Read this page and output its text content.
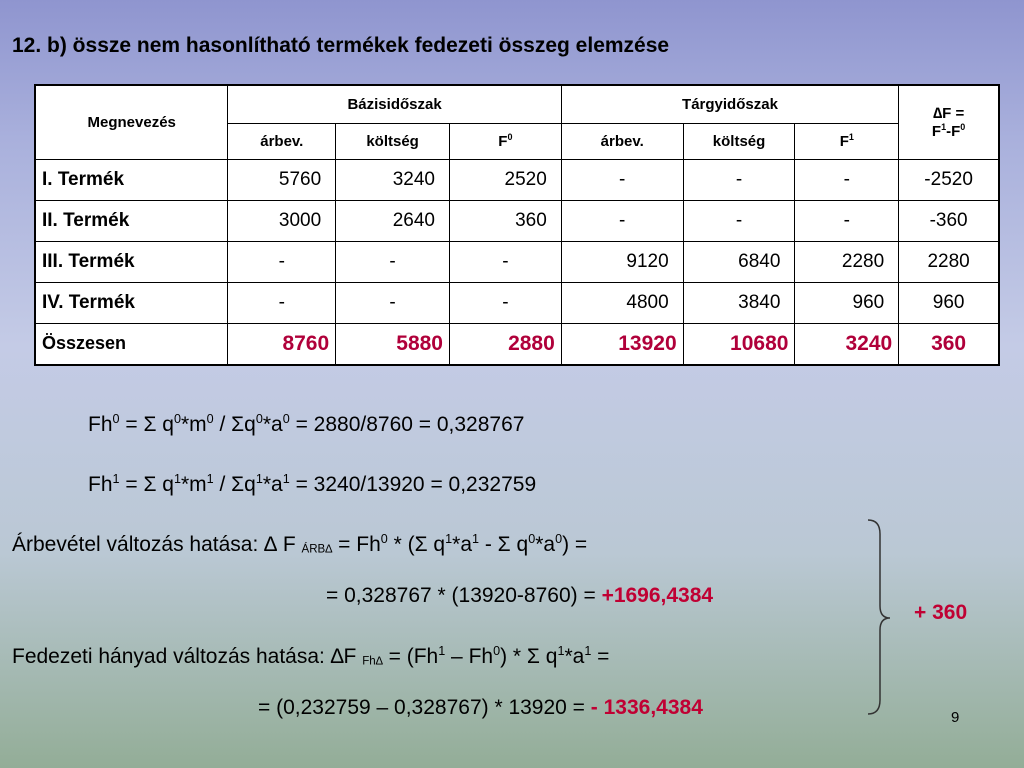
12. b) össze nem hasonlítható termékek fedezeti összeg elemzése
Megnevezés	Bázisidőszak			Tárgyidőszak			∆F =
$F^1-F^0$

	árbev.	költség	$F^0$	árbev.	költség	$F^1$
I. Termék	5760	3240	2520	-	-	-	-2520
II. Termék	3000	2640	360	-	-	-	-360
III. Termék	-	-	-	9120	6840	2280	2280
IV. Termék	-	-	-	4800	3840	960	960
Összesen	8760	5880	2880	13920	10680	3240	360
$Fh^0 = \Sigma$ $q^0*m^0 / \Sigma q^0*a^0 = 2880/8760 = 0,328767$
$Fh^1 = \Sigma$ $q^1*m^1 / \Sigma q^1*a^1 = 3240/13920 = 0,232759$
Árbevétel változás hatása: ∆ F ÁRB∆ = $Fh^0 * (\Sigma$ $q^1*a^1$ - Σ $q^0*a^0$) =
= 0,328767 * (13920-8760) = +1696,4384
Fedezeti hányad változás hatása: ∆F $Fh\Delta = (Fh^1 - Fh^0) * \Sigma$ $q^1*a^1$ =
= (0,232759 – 0,328767) * 13920 = - 1336,4384
+ 360
9
